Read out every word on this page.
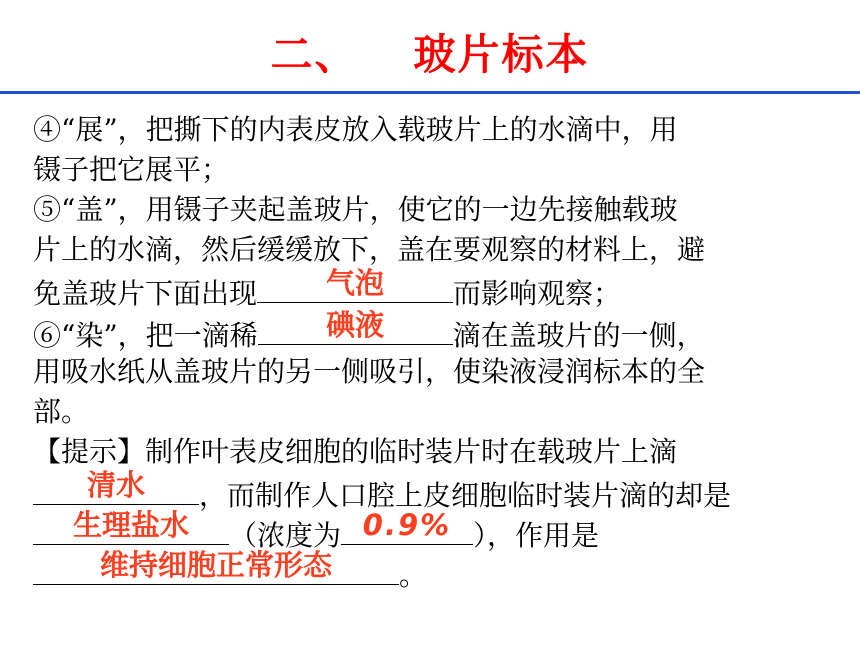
二、 玻片标本
④“展”，把撕下的内表皮放入载玻片上的水滴中，用
镊子把它展平；
⑤“盖”，用镊子夹起盖玻片，使它的一边先接触载玻
片上的水滴，然后缓缓放下，盖在要观察的材料上，避
免盖玻片下面出现	气泡	而影响观察；
⑥“染”，把一滴稀	碘液	滴在盖玻片的一侧，
用吸水纸从盖玻片的另一侧吸引，使染液浸润标本的全
部。
【提示】制作叶表皮细胞的临时装片时在载玻片上滴
清水	，而制作人口腔上皮细胞临时装片滴的却是
生理盐水	（浓度为 0.9% ），作用是
维持细胞正常形态	。
